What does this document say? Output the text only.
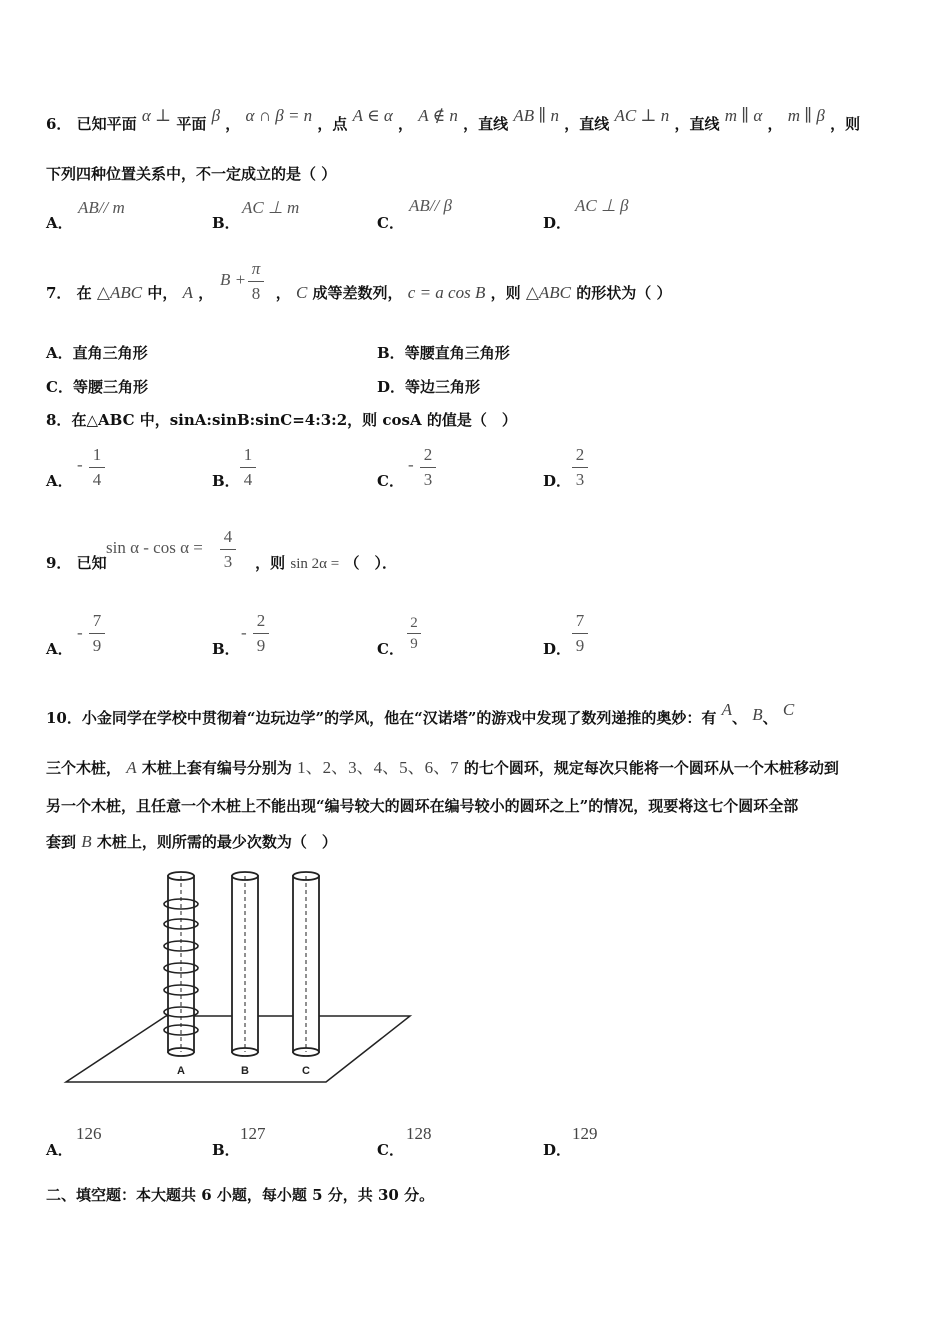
6． 已知平面 α ⊥ 平面 β ， α ∩ β = n ，点 A ∈ α ， A ∉ n ，直线 AB ∥ n ，直线 AC ⊥ n ，直线 m ∥ α ， m ∥ β ，则
下列四种位置关系中，不一定成立的是（ ）
A．
AB// m
B．
AC ⊥ m
C．
AB// β
D．
AC ⊥ β
7． 在 △ABC 中， A ，	， C 成等差数列， c = a cos B ，则 △ABC 的形状为（ ）
B +
π
8
A．直角三角形	B．等腰直角三角形
C．等腰三角形	D．等边三角形
8．在△ABC 中，sinA:sinB:sinC=4:3:2，则 cosA 的值是（　）
A．
-
1
4	B．
1
4	C．
-
2
3	D．
2
3
9． 已知	，则 sin 2α = （　）．
sin α - cos α =
4
3
A．
-
7
9	B．
-
2
9	C．
2
9	D．
7
9
10．小金同学在学校中贯彻着“边玩边学”的学风，他在“汉诺塔”的游戏中发现了数列递推的奥妙：有 A、 B、 C
三个木桩， A 木桩上套有编号分别为 1、2、3、4、5、6、7 的七个圆环，规定每次只能将一个圆环从一个木桩移动到
另一个木桩，且任意一个木桩上不能出现“编号较大的圆环在编号较小的圆环之上”的情况，现要将这七个圆环全部
套到 B 木桩上，则所需的最少次数为（　）
A	B	C
A．
126
B．
127
C．
128
D．
129
二、填空题：本大题共 6 小题，每小题 5 分，共 30 分。
